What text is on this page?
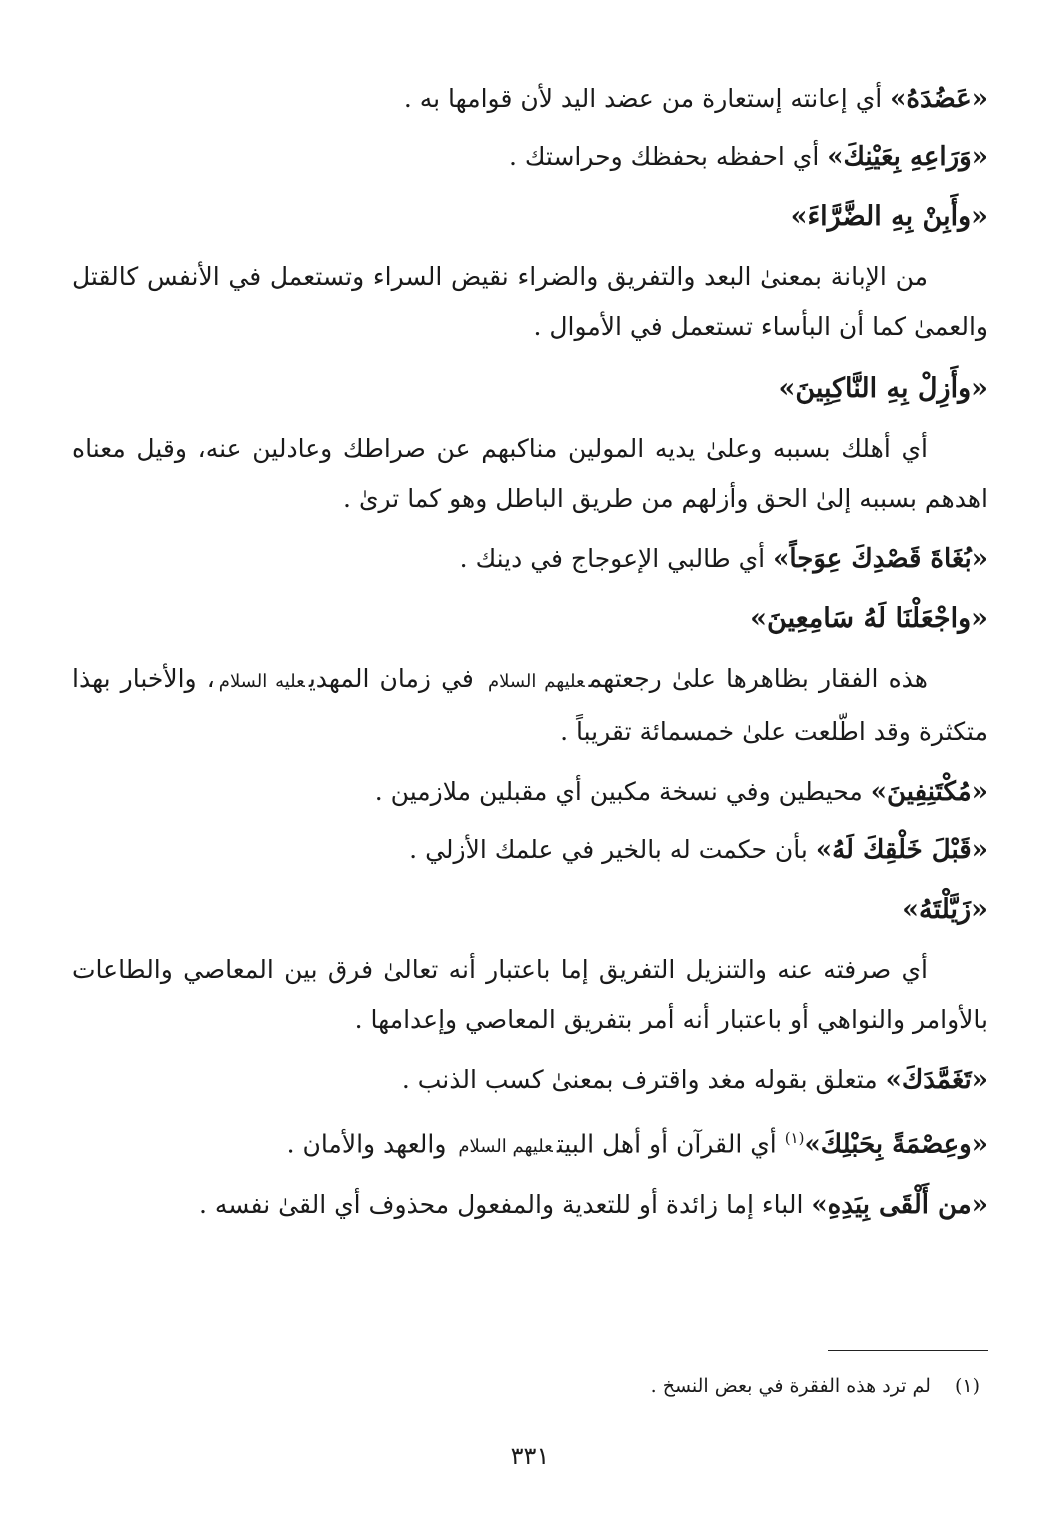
«عَضُدَهُ» أي إعانته إستعارة من عضد اليد لأن قوامها به .
«وَرَاعِهِ بِعَيْنِكَ» أي احفظه بحفظك وحراستك .
«وأَبِنْ بِهِ الضَّرَّاءَ»
من الإبانة بمعنىٰ البعد والتفريق والضراء نقيض السراء وتستعمل في الأنفس كالقتل والعمىٰ كما أن البأساء تستعمل في الأموال .
«وأَزِلْ بِهِ النَّاكِبِينَ»
أي أهلك بسببه وعلىٰ يديه المولين مناكبهم عن صراطك وعادلين عنه، وقيل معناه اهدهم بسببه إلىٰ الحق وأزلهم من طريق الباطل وهو كما ترىٰ .
«بُغَاةَ قَصْدِكَ عِوَجاً» أي طالبي الإعوجاج في دينك .
«واجْعَلْنَا لَهُ سَامِعِينَ»
هذه الفقار بظاهرها علىٰ رجعتهمعليهم السلام في زمان المهديعليه السلام، والأخبار بهذا متكثرة وقد اطّلعت علىٰ خمسمائة تقريباً .
«مُكْتَنِفِينَ» محيطين وفي نسخة مكبين أي مقبلين ملازمين .
«قَبْلَ خَلْقِكَ لَهُ» بأن حكمت له بالخير في علمك الأزلي .
«زَيَّلْتَهُ»
أي صرفته عنه والتنزيل التفريق إما باعتبار أنه تعالىٰ فرق بين المعاصي والطاعات بالأوامر والنواهي أو باعتبار أنه أمر بتفريق المعاصي وإعدامها .
«تَغَمَّدَكَ» متعلق بقوله مغد واقترف بمعنىٰ كسب الذنب .
«وعِصْمَةً بِحَبْلِكَ»$^{(١)}$ أي القرآن أو أهل البيتعليهم السلام والعهد والأمان .
«من أَلْقَى بِيَدِهِ» الباء إما زائدة أو للتعدية والمفعول محذوف أي القىٰ نفسه .
(١)لم ترد هذه الفقرة في بعض النسخ .
٣٣١
